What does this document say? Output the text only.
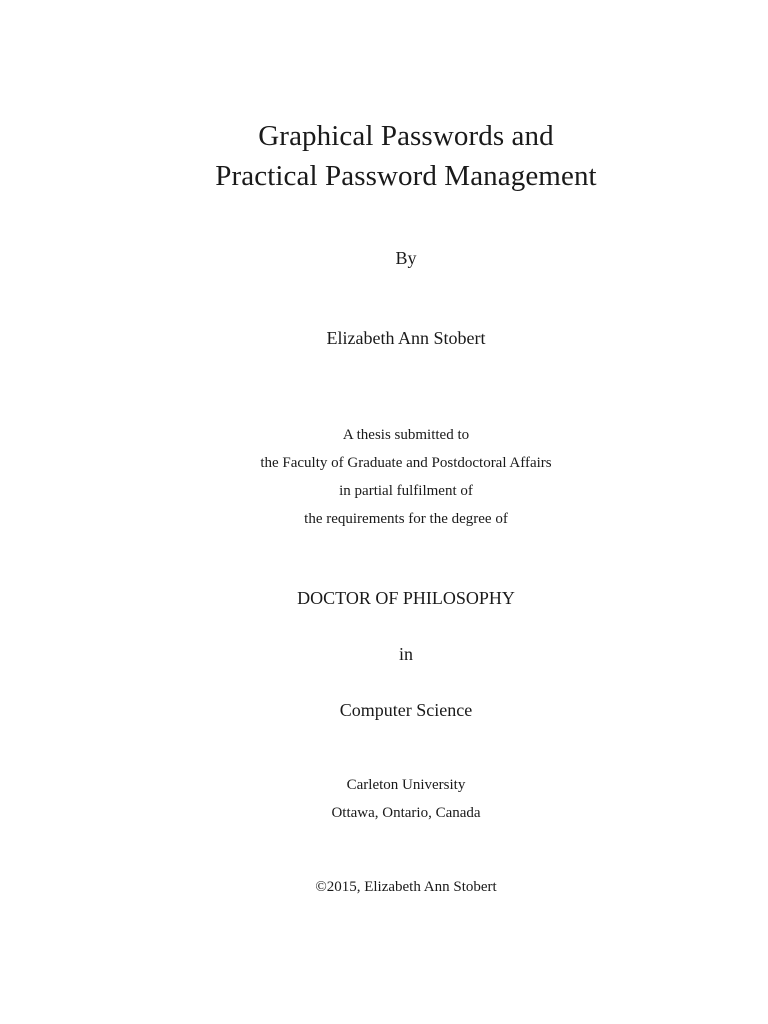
Graphical Passwords and
Practical Password Management
By
Elizabeth Ann Stobert
A thesis submitted to
the Faculty of Graduate and Postdoctoral Affairs
in partial fulfilment of
the requirements for the degree of
DOCTOR OF PHILOSOPHY
in
Computer Science
Carleton University
Ottawa, Ontario, Canada
©2015, Elizabeth Ann Stobert
